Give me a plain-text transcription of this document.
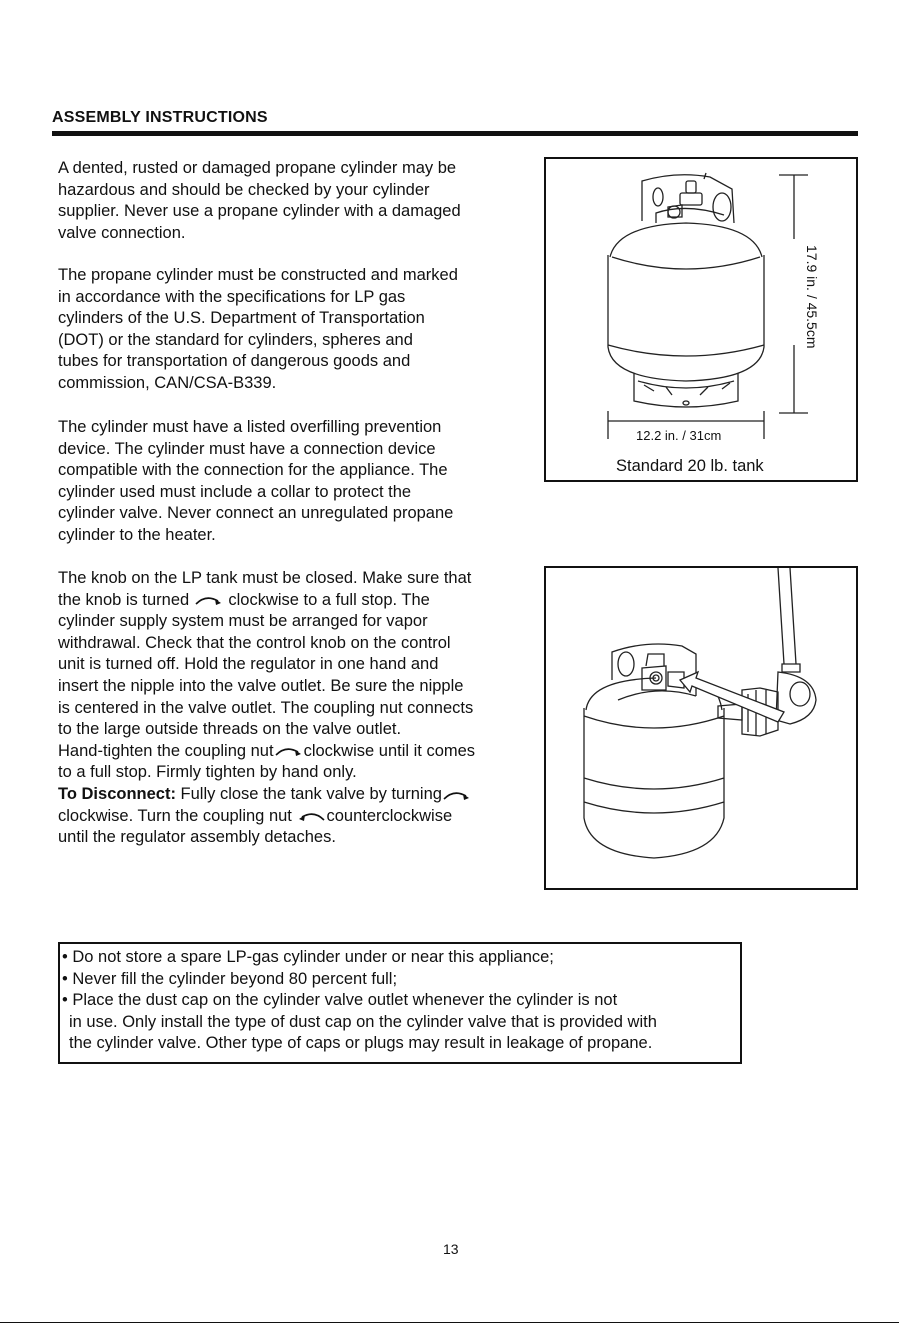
ASSEMBLY INSTRUCTIONS
A dented, rusted or damaged propane cylinder may be
hazardous and should be checked by your cylinder
supplier. Never use a propane cylinder with a damaged
valve connection.
The propane cylinder must be constructed and marked
in accordance with the specifications for LP gas
cylinders of the U.S. Department of Transportation
(DOT) or the standard for cylinders, spheres and
tubes for transportation of dangerous goods and
commission, CAN/CSA-B339.
The cylinder must have a listed overfilling prevention
device. The cylinder must have a connection device
compatible with the connection for the appliance. The
cylinder used must include a collar to protect the
cylinder valve. Never connect an unregulated propane
cylinder to the heater.
The knob on the LP tank must be closed. Make sure that
the knob is turned clockwise to a full stop. The
cylinder supply system must be arranged for vapor
withdrawal. Check that the control knob on the control
unit is turned off. Hold the regulator in one hand and
insert the nipple into the valve outlet. Be sure the nipple
is centered in the valve outlet. The coupling nut connects
to the large outside threads on the valve outlet.
Hand-tighten the coupling nut clockwise until it comes
to a full stop. Firmly tighten by hand only.
To Disconnect: Fully close the tank valve by turning
clockwise. Turn the coupling nut counterclockwise
until the regulator assembly detaches.
12.2 in. / 31cm
17.9 in. / 45.5cm
Standard 20 lb. tank
• Do not store a spare LP-gas cylinder under or near this appliance;
• Never fill the cylinder beyond 80 percent full;
• Place the dust cap on the cylinder valve outlet whenever the cylinder is not
in use. Only install the type of dust cap on the cylinder valve that is provided with
the cylinder valve. Other type of caps or plugs may result in leakage of propane.
13
